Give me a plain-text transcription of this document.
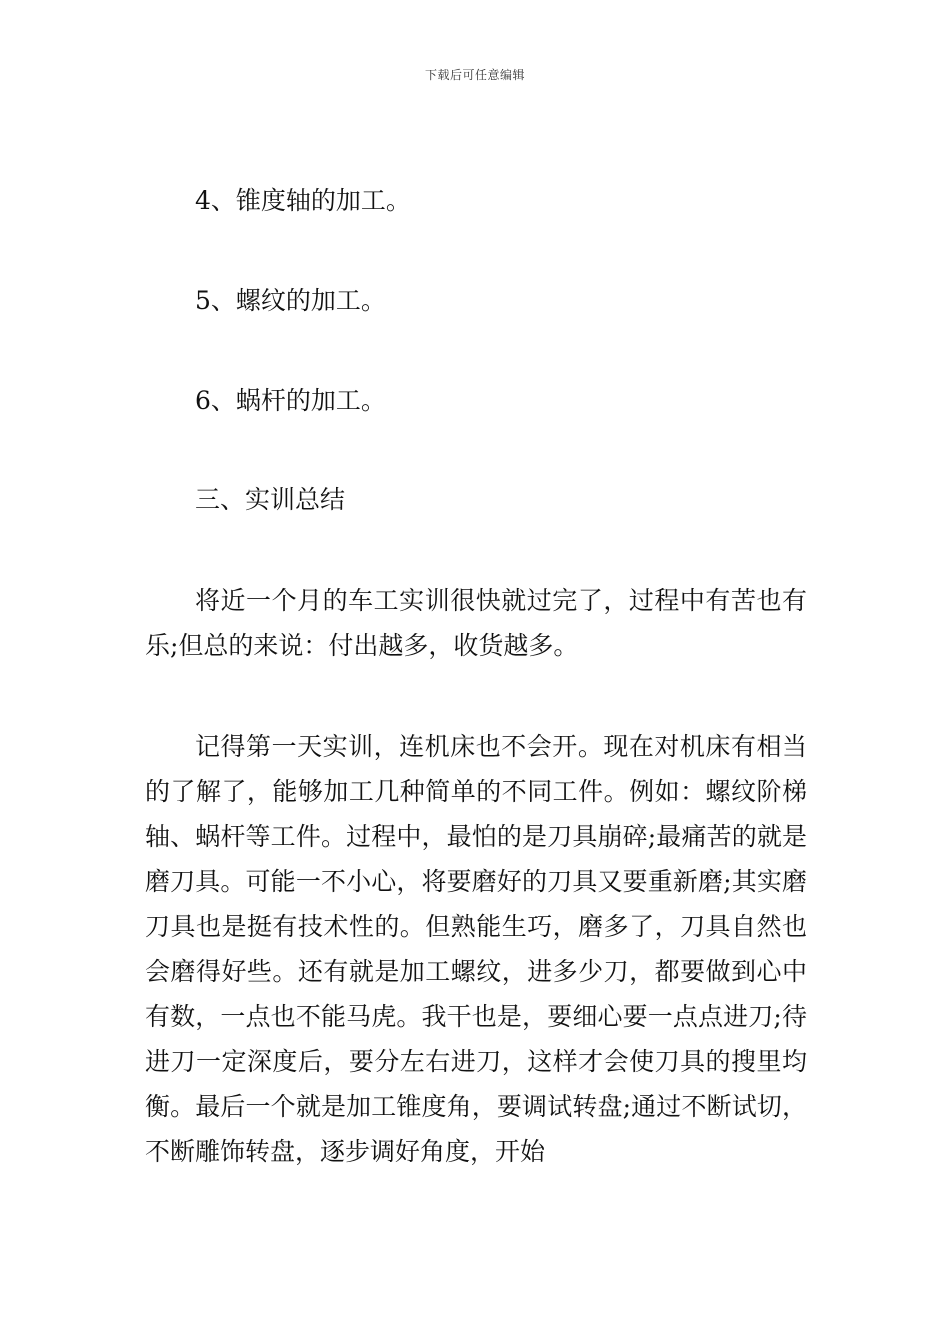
下载后可任意编辑
4、锥度轴的加工。
5、螺纹的加工。
6、蜗杆的加工。
三、实训总结
将近一个月的车工实训很快就过完了，过程中有苦也有乐;但总的来说：付出越多，收货越多。
记得第一天实训，连机床也不会开。现在对机床有相当的了解了，能够加工几种简单的不同工件。例如：螺纹阶梯轴、蜗杆等工件。过程中，最怕的是刀具崩碎;最痛苦的就是磨刀具。可能一不小心，将要磨好的刀具又要重新磨;其实磨刀具也是挺有技术性的。但熟能生巧，磨多了，刀具自然也会磨得好些。还有就是加工螺纹，进多少刀，都要做到心中有数，一点也不能马虎。我干也是，要细心要一点点进刀;待进刀一定深度后，要分左右进刀，这样才会使刀具的搜里均衡。最后一个就是加工锥度角，要调试转盘;通过不断试切，不断雕饰转盘，逐步调好角度，开始
